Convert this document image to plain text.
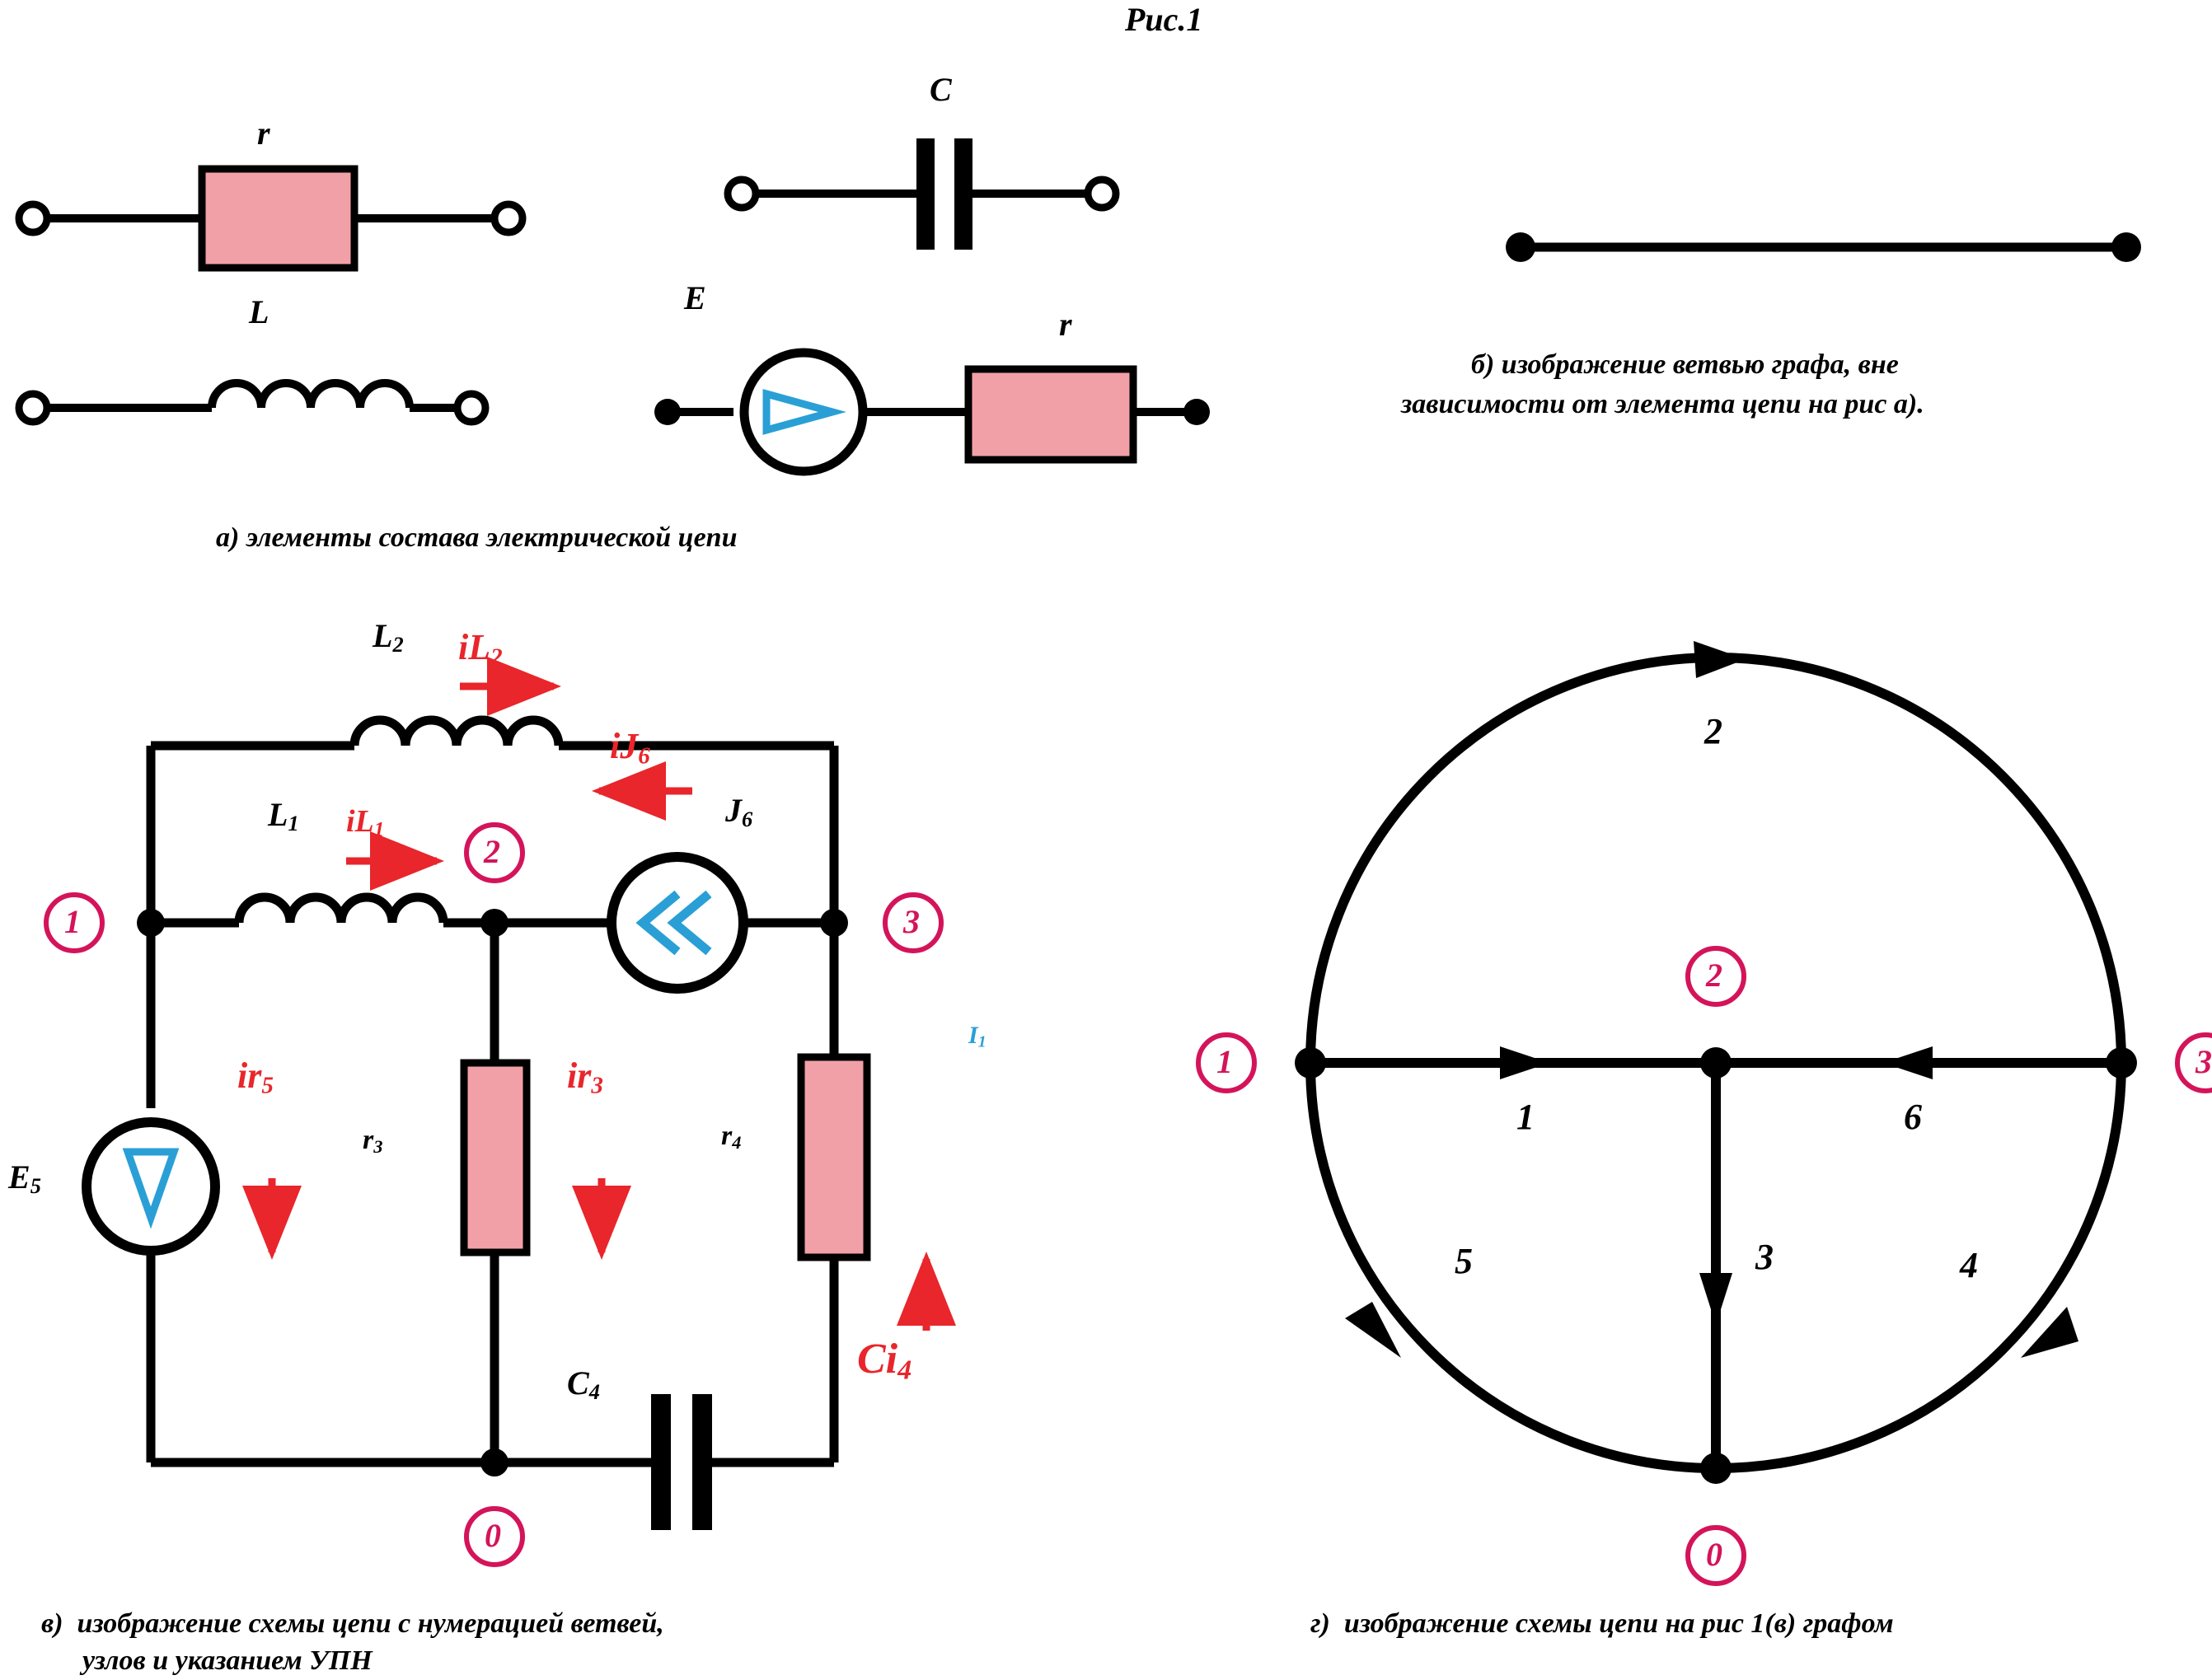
Рис.1
r
C
L	E
r
а) элементы состава электрической цепи
б) изображение ветвью графа, вне
зависимости от элемента цепи на рис а).
в)  изображение схемы цепи с нумерацией ветвей,
узлов и указанием УПН
г)  изображение схемы цепи на рис 1(в) графом
$L_2$
$L_1$	$J_6$
$E_5$
$r_3$	$r_4$
$C_4$
$iL_2$
$iL_1$
$iJ_6$
$ir_5$	$ir_3$
$Ci_4$
$I_1$
1
2
3
0
1
2
3
0
1
2
3	4
5
6
